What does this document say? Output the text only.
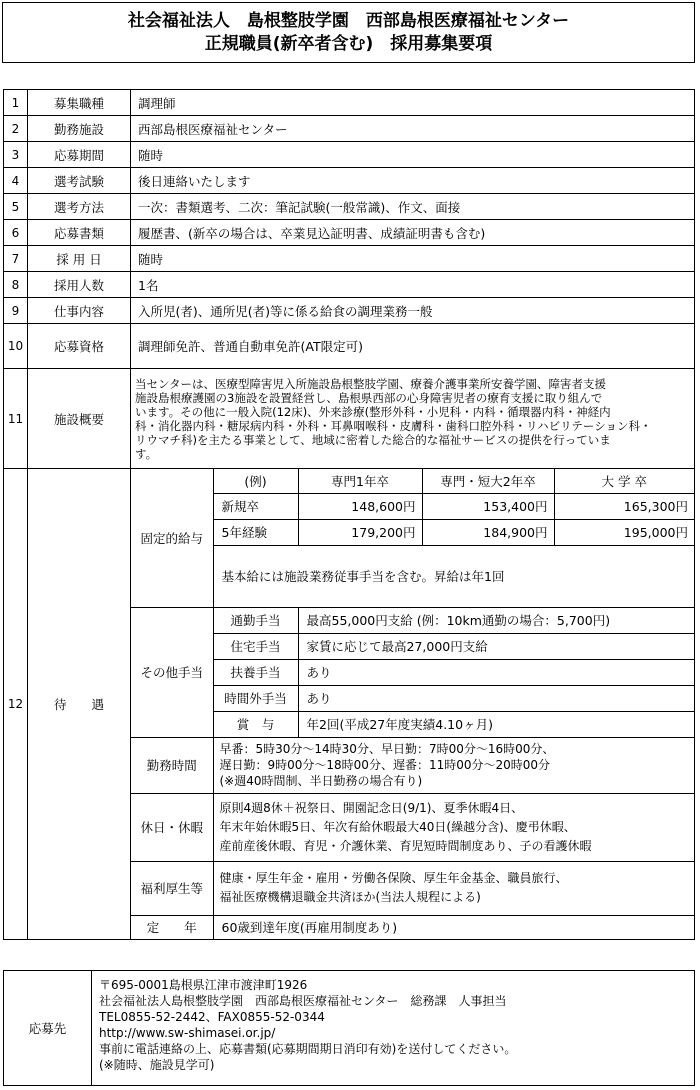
社会福祉法人　島根整肢学園　西部島根医療福祉センター
正規職員(新卒者含む)　採用募集要項
1	募集職種	調理師
2	勤務施設	西部島根医療福祉センター
3	応募期間	随時
4	選考試験	後日連絡いたします
5	選考方法	一次：書類選考、二次：筆記試験(一般常識)、作文、面接
6	応募書類	履歴書、(新卒の場合は、卒業見込証明書、成績証明書も含む)
7	採 用 日	随時
8	採用人数	1名
9	仕事内容	入所児(者)、通所児(者)等に係る給食の調理業務一般
10	応募資格	調理師免許、普通自動車免許(AT限定可)
11	施設概要	
当センターは、医療型障害児入所施設島根整肢学園、療養介護事業所安養学園、障害者支援
施設島根療護園の3施設を設置経営し、島根県西部の心身障害児者の療育支援に取り組んで
います。その他に一般入院(12床)、外来診療(整形外科・小児科・内科・循環器内科・神経内
科・消化器内科・糖尿病内科・外科・耳鼻咽喉科・皮膚科・歯科口腔外科・リハビリテーション科・
リウマチ科)を主たる事業として、地域に密着した総合的な福祉サービスの提供を行っていま
す。

12	待　　遇	
固定的給与	(例)	専門1年卒	専門・短大2年卒	大 学 卒
新規卒	148,600円	153,400円	165,300円
5年経験	179,200円	184,900円	195,000円
基本給には施設業務従事手当を含む。昇給は年1回
その他手当	通勤手当	最高55,000円支給 (例：10km通勤の場合：5,700円)
住宅手当	家賃に応じて最高27,000円支給
扶養手当	あり
時間外手当	あり
賞　与	年2回(平成27年度実績4.10ヶ月)
勤務時間	
早番：5時30分～14時30分、早日勤：7時00分～16時00分、
遅日勤：9時00分～18時00分、遅番：11時00分～20時00分
(※週40時間制、半日勤務の場合有り)

休日・休暇	
原則4週8休＋祝祭日、開園記念日(9/1)、夏季休暇4日、
年末年始休暇5日、年次有給休暇最大40日(繰越分含)、慶弔休暇、
産前産後休暇、育児・介護休業、育児短時間制度あり、子の看護休暇

福利厚生等	
健康・厚生年金・雇用・労働各保険、厚生年金基金、職員旅行、
福祉医療機構退職金共済ほか(当法人規程による)

定　　年	60歳到達年度(再雇用制度あり)
応募先
〒695-0001島根県江津市渡津町1926
社会福祉法人島根整肢学園　西部島根医療福祉センター　総務課　人事担当
TEL0855-52-2442、FAX0855-52-0344
http://www.sw-shimasei.or.jp/
事前に電話連絡の上、応募書類(応募期間期日消印有効)を送付してください。
(※随時、施設見学可)
